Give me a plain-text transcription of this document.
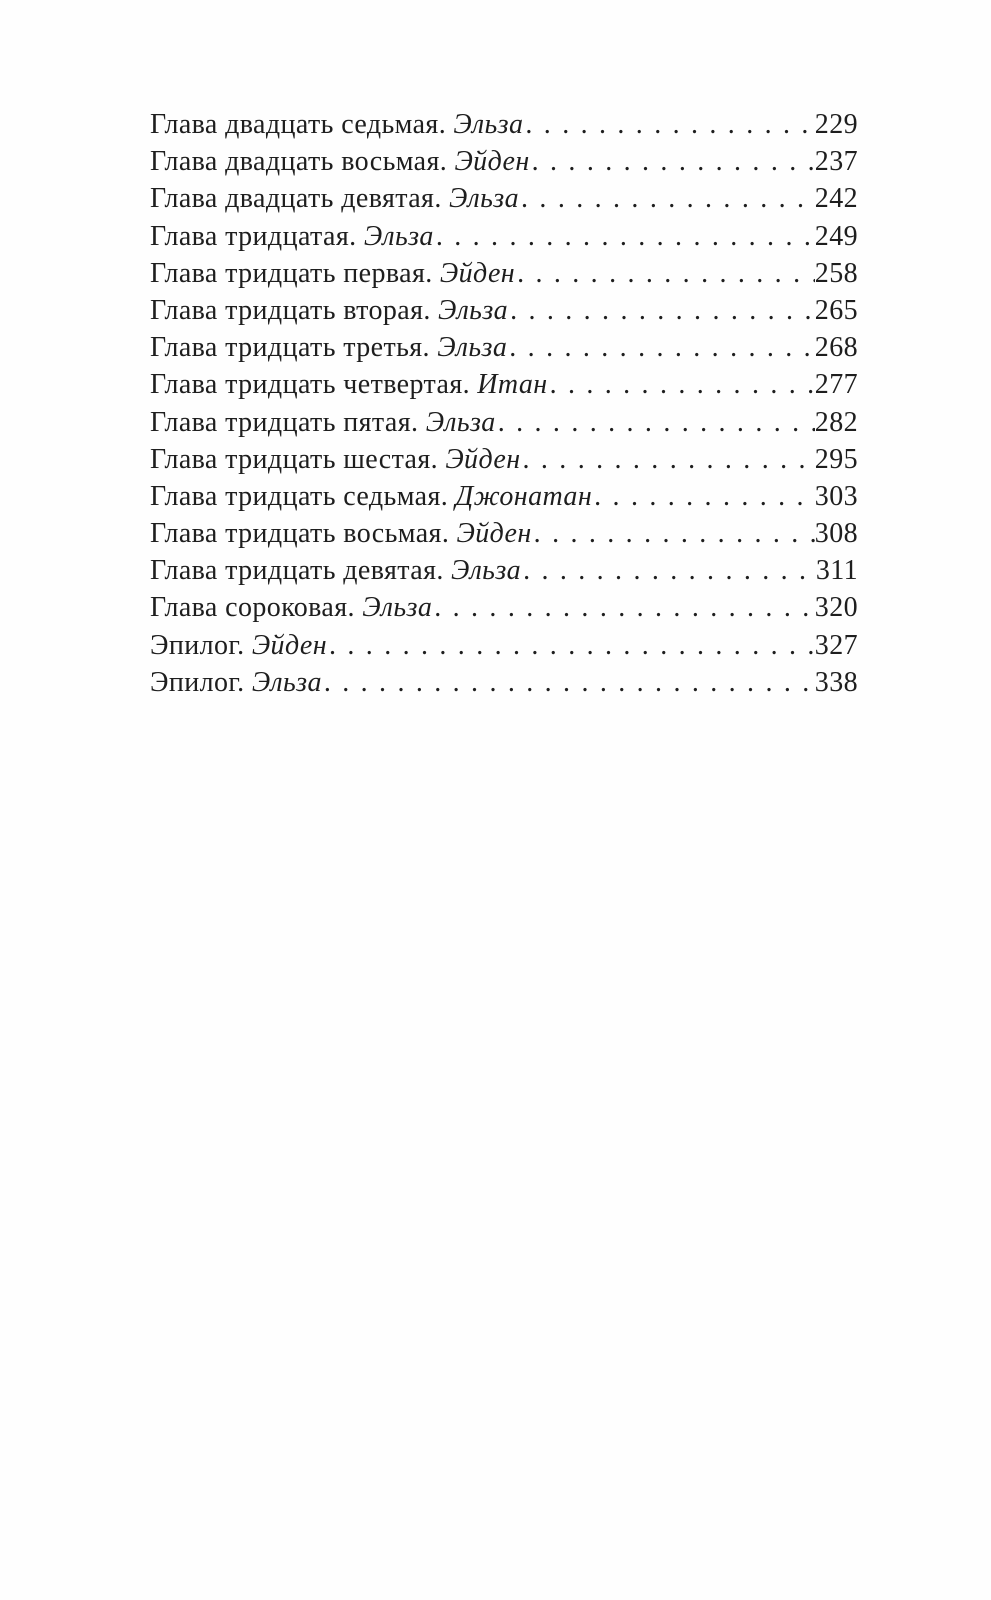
Глава двадцать седьмая. Эльза . . .	229
Глава двадцать восьмая. Эйден . . .	237
Глава двадцать девятая. Эльза . . .	242
Глава тридцатая. Эльза . . .	249
Глава тридцать первая. Эйден . . .	258
Глава тридцать вторая. Эльза . . .	265
Глава тридцать третья. Эльза . . .	268
Глава тридцать четвертая. Итан . . .	277
Глава тридцать пятая. Эльза . . .	282
Глава тридцать шестая. Эйден . . .	295
Глава тридцать седьмая. Джонатан . . .	303
Глава тридцать восьмая. Эйден . . .	308
Глава тридцать девятая. Эльза . . .	311
Глава сороковая. Эльза . . .	320
Эпилог. Эйден . . .	327
Эпилог. Эльза . . .	338
